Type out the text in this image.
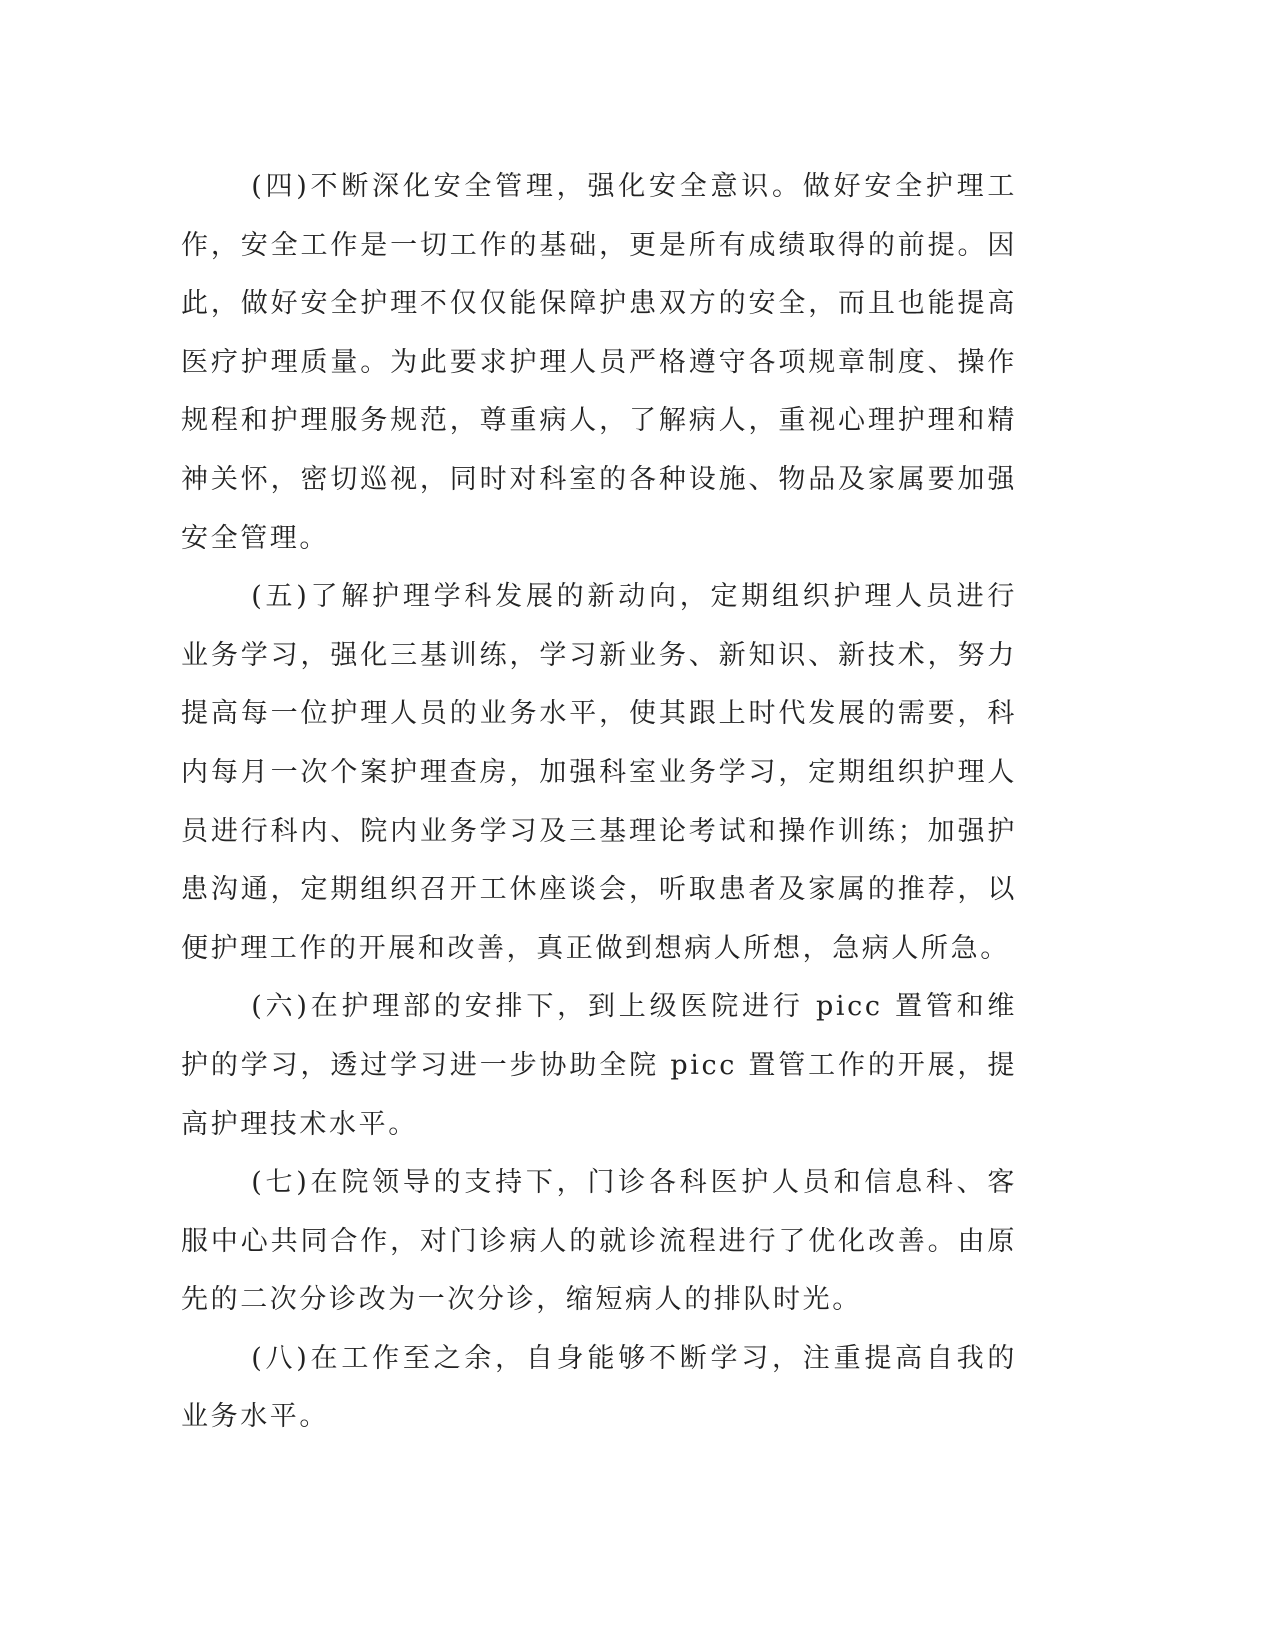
(四)不断深化安全管理，强化安全意识。做好安全护理工作，安全工作是一切工作的基础，更是所有成绩取得的前提。因此，做好安全护理不仅仅能保障护患双方的安全，而且也能提高医疗护理质量。为此要求护理人员严格遵守各项规章制度、操作规程和护理服务规范，尊重病人，了解病人，重视心理护理和精神关怀，密切巡视，同时对科室的各种设施、物品及家属要加强安全管理。

(五)了解护理学科发展的新动向，定期组织护理人员进行业务学习，强化三基训练，学习新业务、新知识、新技术，努力提高每一位护理人员的业务水平，使其跟上时代发展的需要，科内每月一次个案护理查房，加强科室业务学习，定期组织护理人员进行科内、院内业务学习及三基理论考试和操作训练；加强护患沟通，定期组织召开工休座谈会，听取患者及家属的推荐，以便护理工作的开展和改善，真正做到想病人所想，急病人所急。

(六)在护理部的安排下，到上级医院进行 picc 置管和维护的学习，透过学习进一步协助全院 picc 置管工作的开展，提高护理技术水平。

(七)在院领导的支持下，门诊各科医护人员和信息科、客服中心共同合作，对门诊病人的就诊流程进行了优化改善。由原先的二次分诊改为一次分诊，缩短病人的排队时光。

(八)在工作至之余，自身能够不断学习，注重提高自我的业务水平。
